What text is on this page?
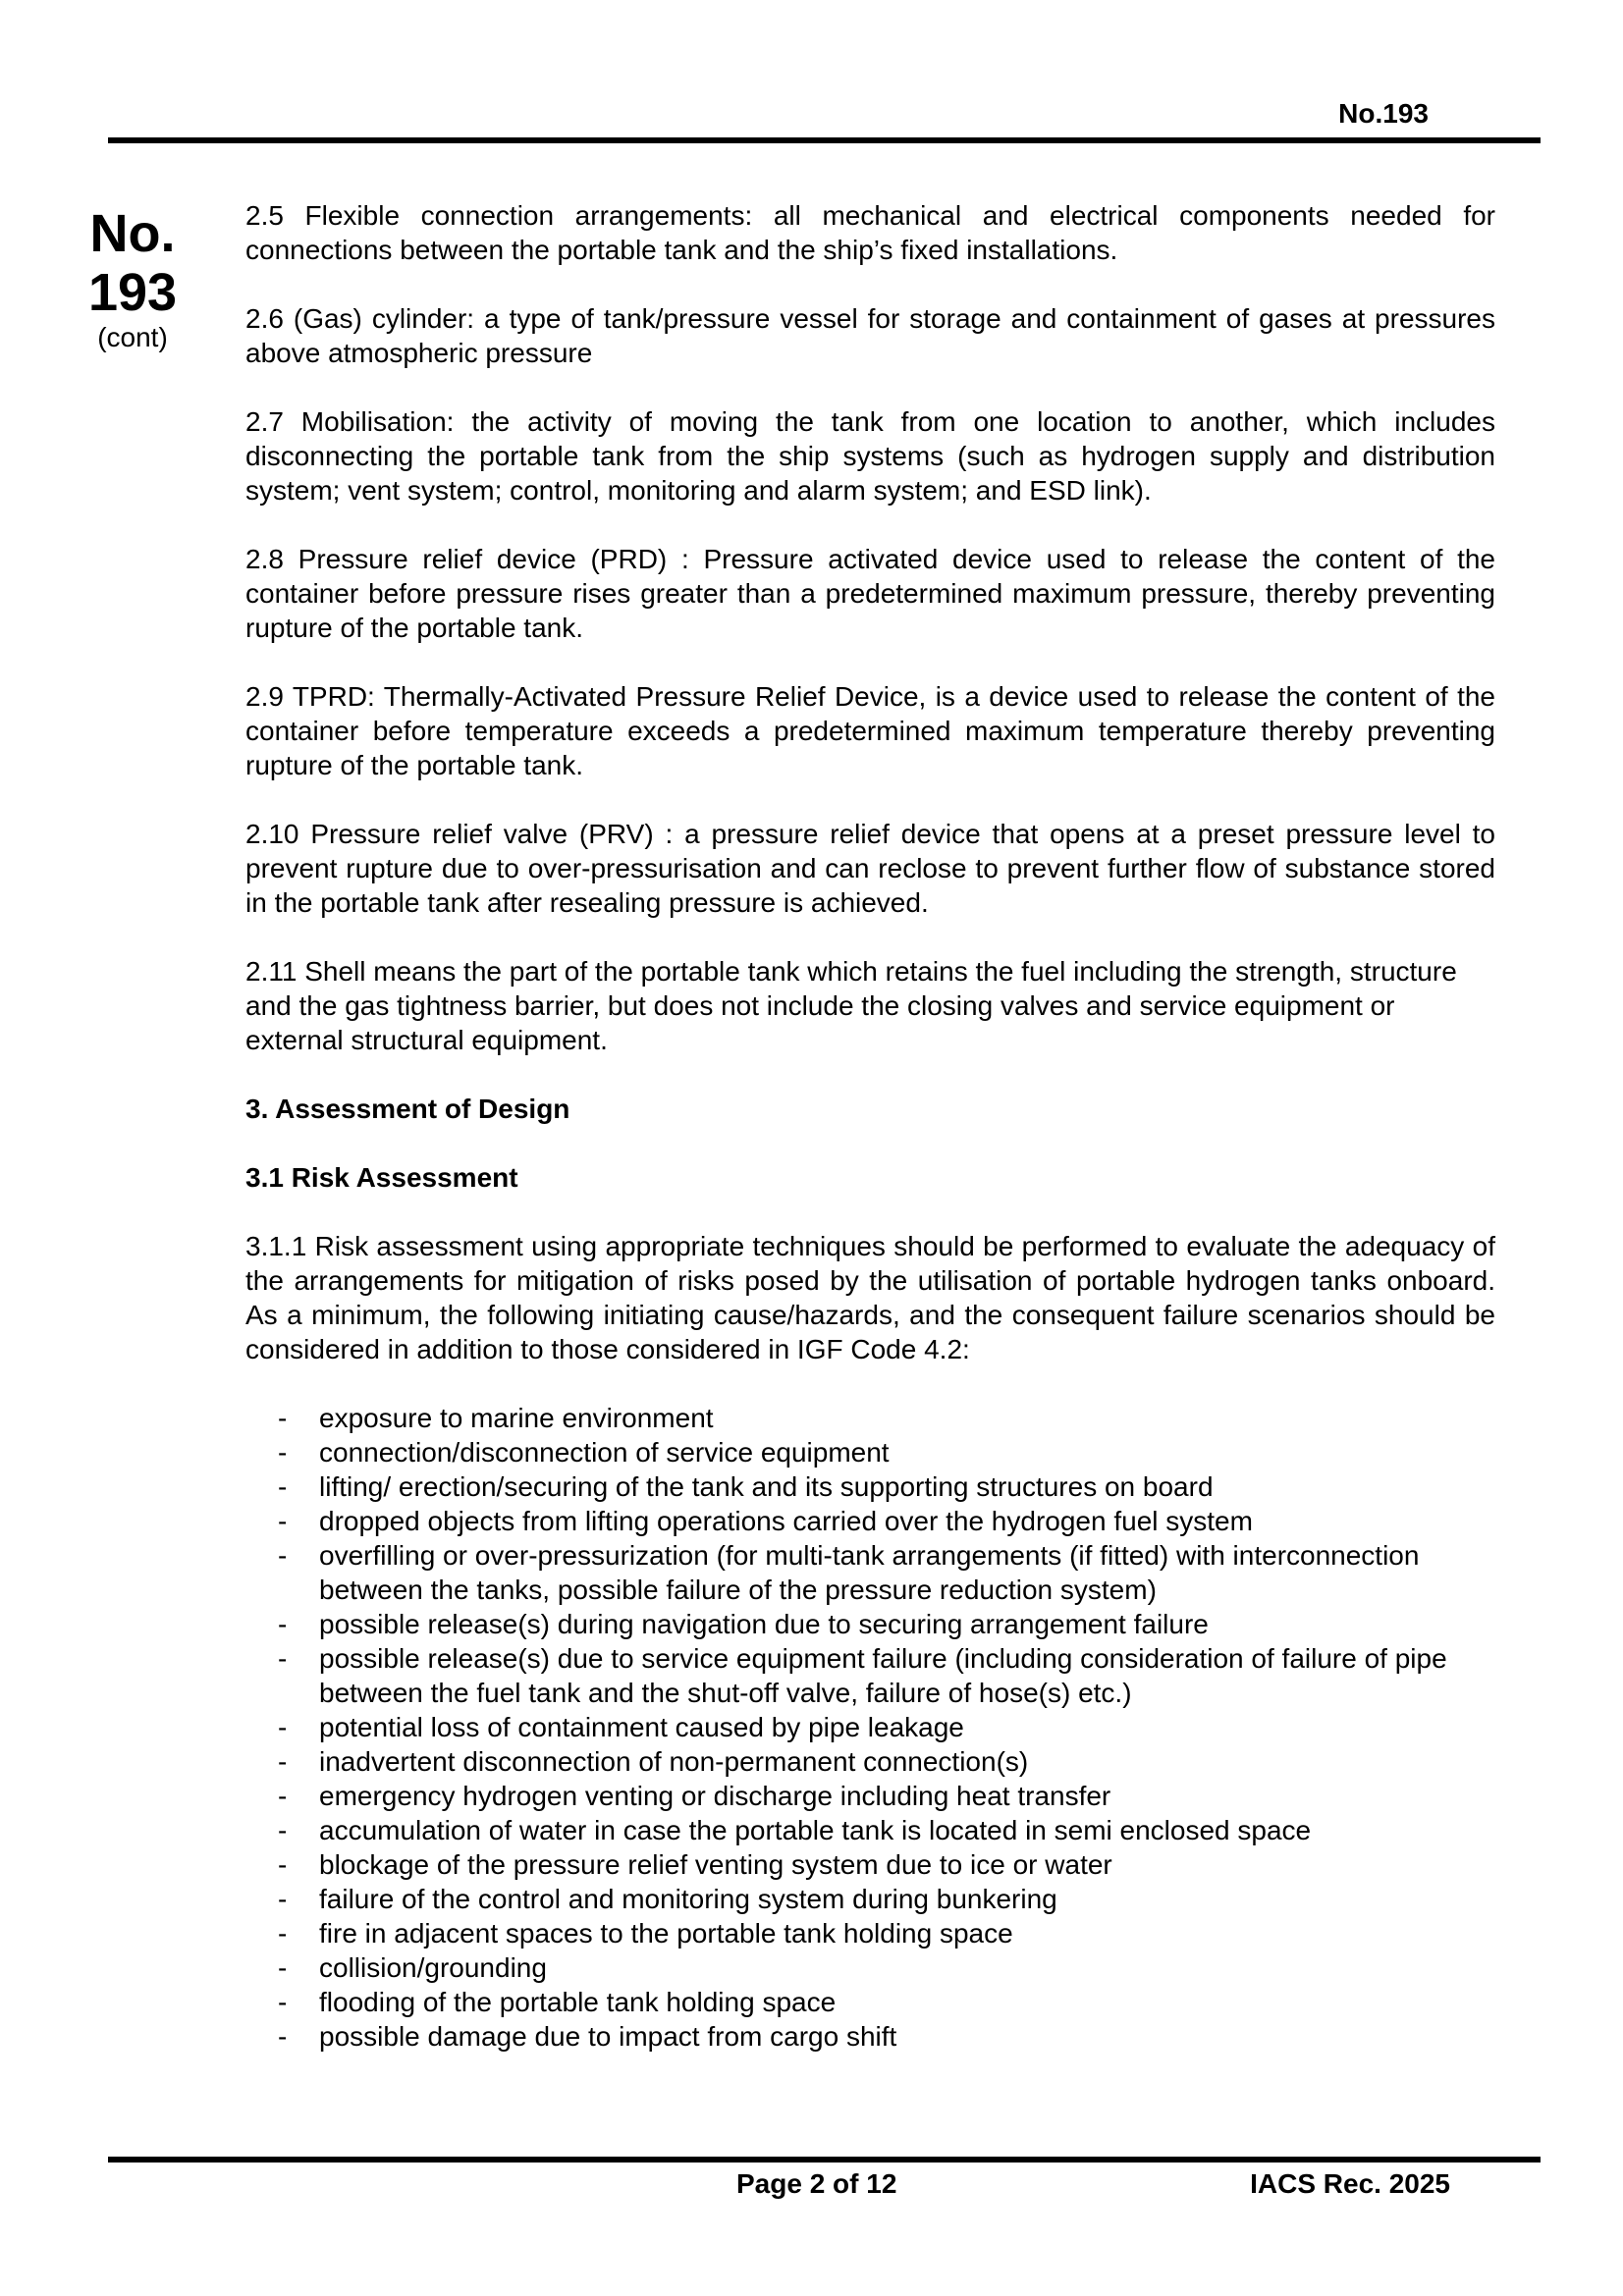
No.193
No.
193
(cont)

2.5 Flexible connection arrangements: all mechanical and electrical components needed for connections between the portable tank and the ship’s fixed installations.

2.6 (Gas) cylinder: a type of tank/pressure vessel for storage and containment of gases at pressures above atmospheric pressure

2.7 Mobilisation: the activity of moving the tank from one location to another, which includes disconnecting the portable tank from the ship systems (such as hydrogen supply and distribution system; vent system; control, monitoring and alarm system; and ESD link).

2.8 Pressure relief device (PRD) : Pressure activated device used to release the content of the container before pressure rises greater than a predetermined maximum pressure, thereby preventing rupture of the portable tank.

2.9 TPRD: Thermally-Activated Pressure Relief Device, is a device used to release the content of the container before temperature exceeds a predetermined maximum temperature thereby preventing rupture of the portable tank.

2.10 Pressure relief valve (PRV) : a pressure relief device that opens at a preset pressure level to prevent rupture due to over-pressurisation and can reclose to prevent further flow of substance stored in the portable tank after resealing pressure is achieved.

2.11 Shell means the part of the portable tank which retains the fuel including the strength, structure and the gas tightness barrier, but does not include the closing valves and service equipment or external structural equipment.

3. Assessment of Design
3.1 Risk Assessment

3.1.1 Risk assessment using appropriate techniques should be performed to evaluate the adequacy of the arrangements for mitigation of risks posed by the utilisation of portable hydrogen tanks onboard. As a minimum, the following initiating cause/hazards, and the consequent failure scenarios should be considered in addition to those considered in IGF Code 4.2:

- exposure to marine environment
- connection/disconnection of service equipment
- lifting/ erection/securing of the tank and its supporting structures on board
- dropped objects from lifting operations carried over the hydrogen fuel system
- overfilling or over-pressurization (for multi-tank arrangements (if fitted) with interconnection between the tanks, possible failure of the pressure reduction system)
- possible release(s) during navigation due to securing arrangement failure
- possible release(s) due to service equipment failure (including consideration of failure of pipe between the fuel tank and the shut-off valve, failure of hose(s) etc.)
- potential loss of containment caused by pipe leakage
- inadvertent disconnection of non-permanent connection(s)
- emergency hydrogen venting or discharge including heat transfer
- accumulation of water in case the portable tank is located in semi enclosed space
- blockage of the pressure relief venting system due to ice or water
- failure of the control and monitoring system during bunkering
- fire in adjacent spaces to the portable tank holding space
- collision/grounding
- flooding of the portable tank holding space
- possible damage due to impact from cargo shift
Page 2 of 12	IACS Rec. 2025
